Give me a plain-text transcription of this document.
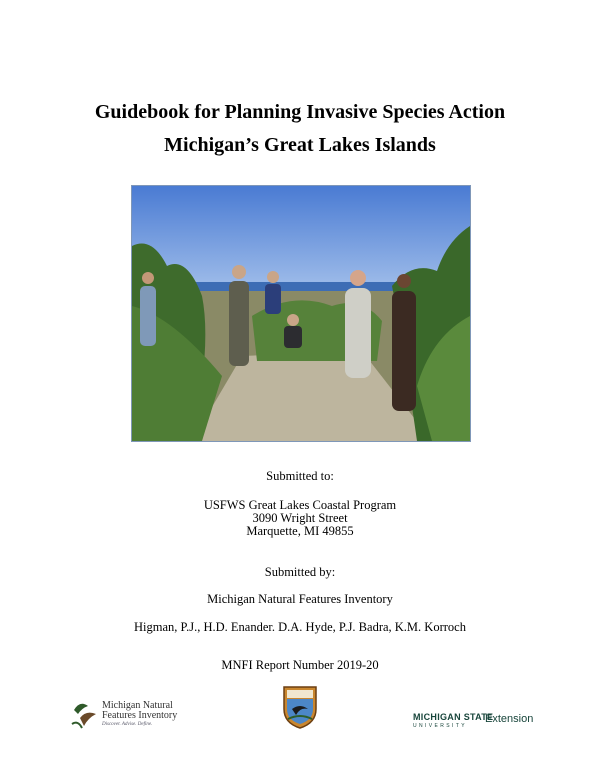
Guidebook for Planning Invasive Species Action
Michigan’s Great Lakes Islands
Submitted to:
USFWS Great Lakes Coastal Program
3090 Wright Street
Marquette, MI 49855
Submitted by:
Michigan Natural Features Inventory
Higman, P.J., H.D. Enander. D.A. Hyde, P.J. Badra, K.M. Korroch
MNFI Report Number 2019-20
Michigan Natural
Features Inventory
Discover. Advise. Define.
MICHIGAN STATE
UNIVERSITY
Extension
